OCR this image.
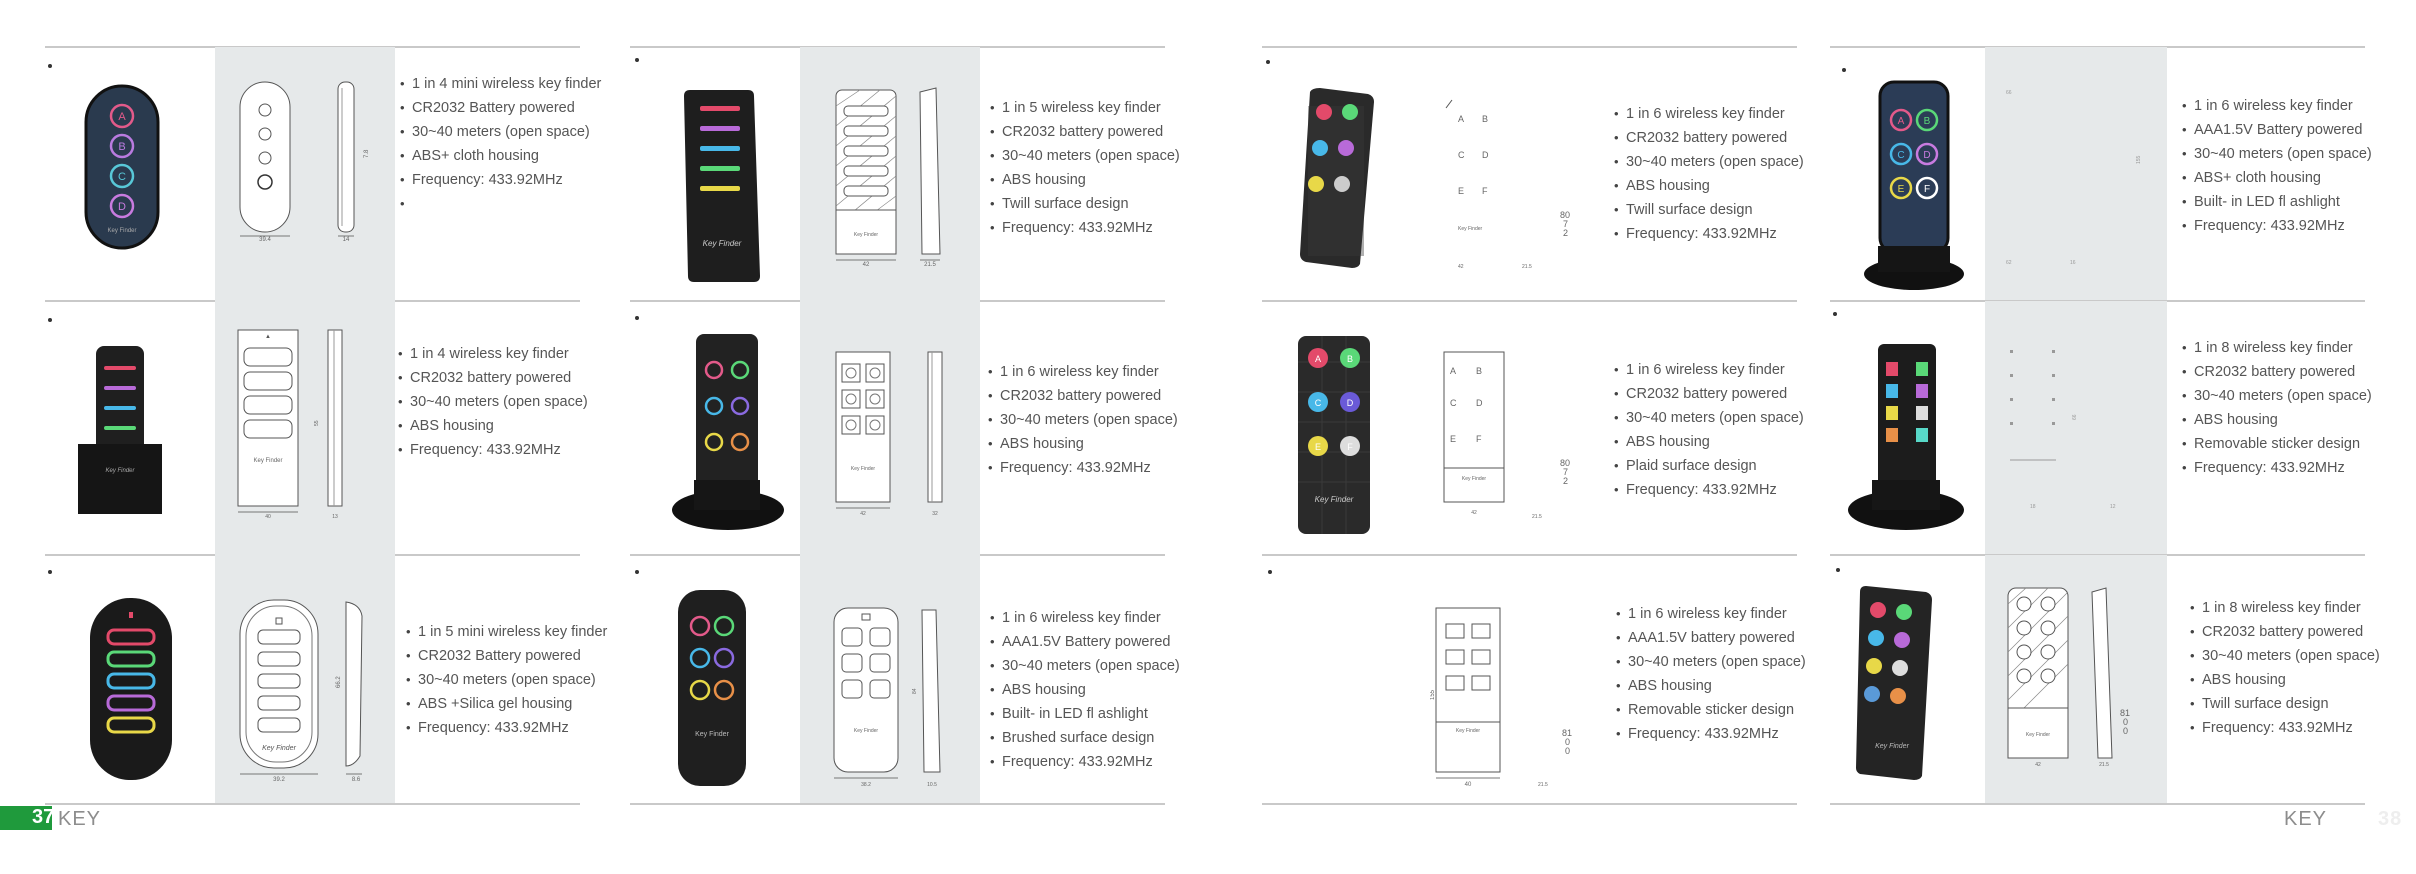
A
B
C
D
Key Finder
39.4	14
7.8
• 1 in 4 mini wireless key finder
• CR2032 Battery powered
• 30~40 meters (open space)
• ABS+ cloth housing
• Frequency: 433.92MHz
Key Finder
Key Finder
42	21.5
• 1 in 5 wireless key finder
• CR2032 battery powered
• 30~40 meters (open space)
• ABS housing
• Twill surface design
• Frequency: 433.92MHz
A B
C D
E F
Key Finder
42	21.5
80
7
2
• 1 in 6 wireless key finder
• CR2032 battery powered
• 30~40 meters (open space)
• ABS housing
• Twill surface design
• Frequency: 433.92MHz
A B
C D
E F
66
155
62	16
• 1 in 6 wireless key finder
• AAA1.5V Battery powered
• 30~40 meters (open space)
• ABS+ cloth housing
• Built- in LED fl ashlight
• Frequency: 433.92MHz
Key Finder
▲
Key Finder
40	13
55
• 1 in 4 wireless key finder
• CR2032 battery powered
• 30~40 meters (open space)
• ABS housing
• Frequency: 433.92MHz
Key Finder
42	32
• 1 in 6 wireless key finder
• CR2032 battery powered
• 30~40 meters (open space)
• ABS housing
• Frequency: 433.92MHz
A	B
C	D
E	F
Key Finder
A B
C D
E F
Key Finder
42
21.5
80
7
2
• 1 in 6 wireless key finder
• CR2032 battery powered
• 30~40 meters (open space)
• ABS housing
• Plaid surface design
• Frequency: 433.92MHz
66
18	12
• 1 in 8 wireless key finder
• CR2032 battery powered
• 30~40 meters (open space)
• ABS housing
• Removable sticker design
• Frequency: 433.92MHz
Key Finder
39.2	8.6
66.2
• 1 in 5 mini wireless key finder
• CR2032 Battery powered
• 30~40 meters (open space)
• ABS +Silica gel housing
• Frequency: 433.92MHz	Key Finder	Key Finder
38.2	10.5
84
• 1 in 6 wireless key finder
• AAA1.5V Battery powered
• 30~40 meters (open space)
• ABS housing
• Built- in LED fl ashlight
• Brushed surface design
• Frequency: 433.92MHz
Key Finder
40	21.5
155
81
0
0
• 1 in 6 wireless key finder
• AAA1.5V battery powered
• 30~40 meters (open space)
• ABS housing
• Removable sticker design
• Frequency: 433.92MHz
Key Finder
Key Finder
42	21.5
81
0
0
• 1 in 8 wireless key finder
• CR2032 battery powered
• 30~40 meters (open space)
• ABS housing
• Twill surface design
• Frequency: 433.92MHz
37 KEY	KEY	38
